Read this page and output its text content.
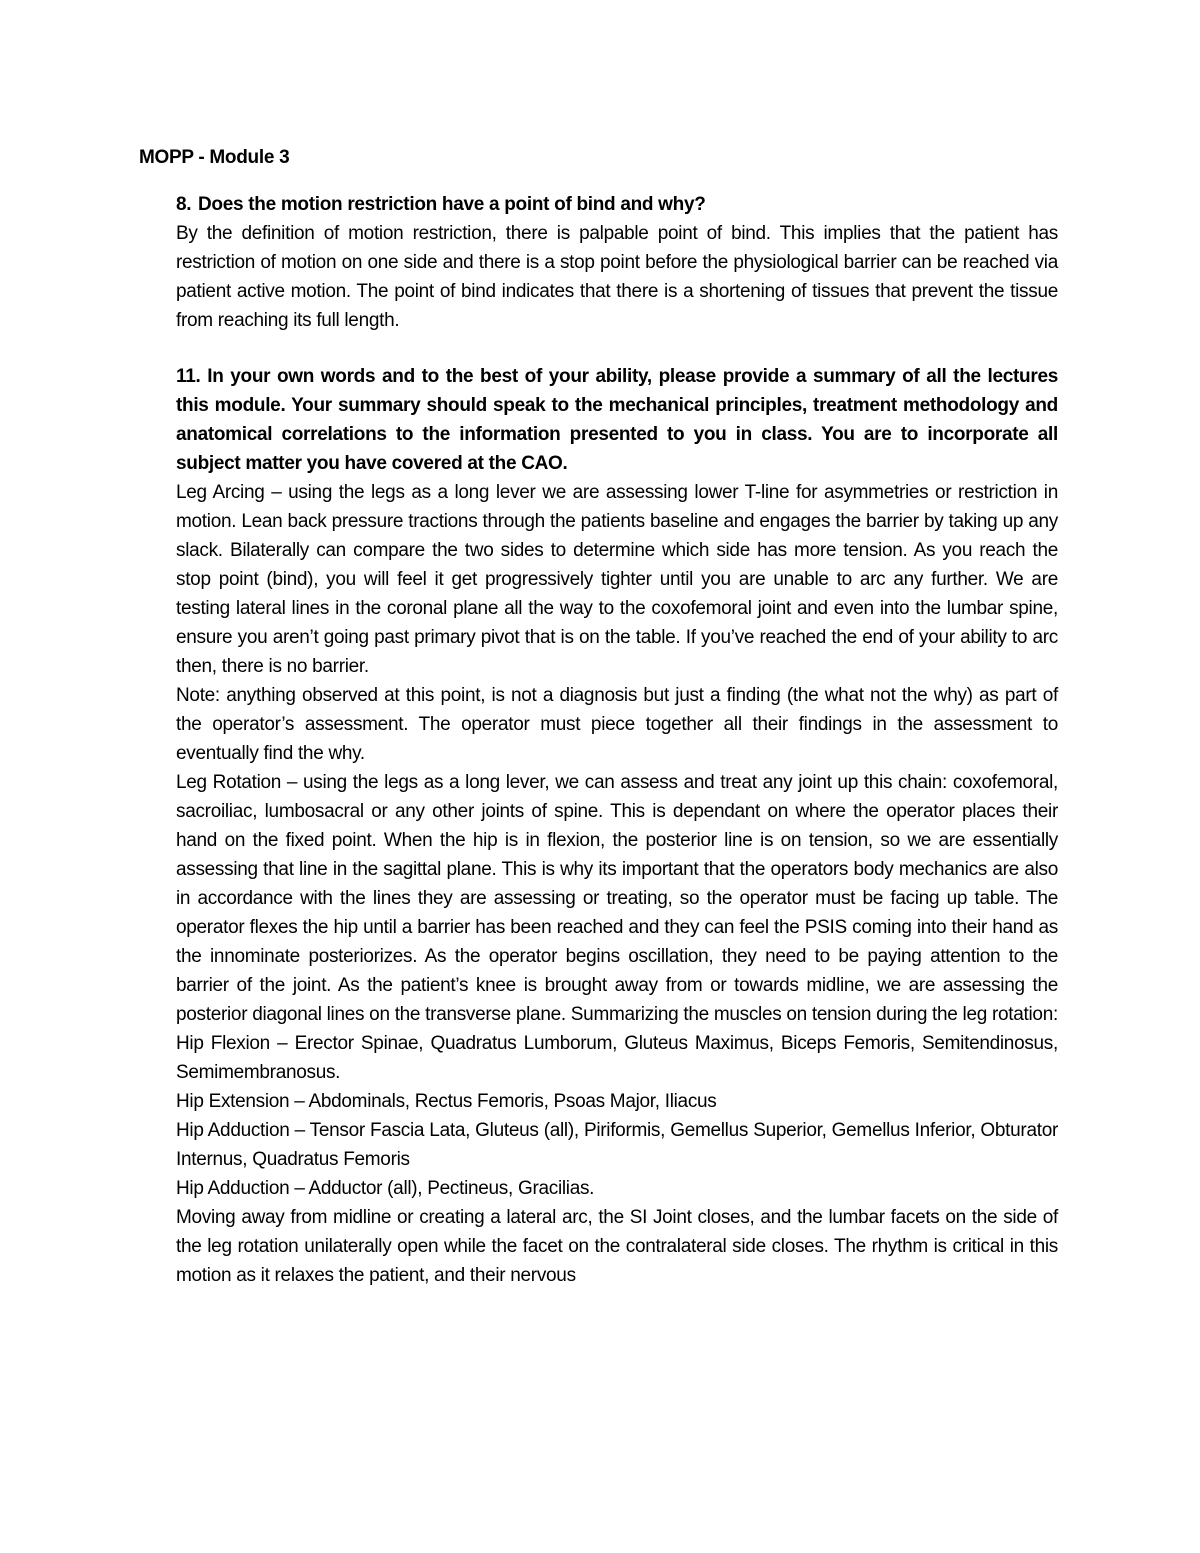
MOPP - Module 3

8. Does the motion restriction have a point of bind and why?

By the definition of motion restriction, there is palpable point of bind. This implies that the patient has restriction of motion on one side and there is a stop point before the physiological barrier can be reached via patient active motion. The point of bind indicates that there is a shortening of tissues that prevent the tissue from reaching its full length.

11. In your own words and to the best of your ability, please provide a summary of all the lectures this module. Your summary should speak to the mechanical principles, treatment methodology and anatomical correlations to the information presented to you in class. You are to incorporate all subject matter you have covered at the CAO.

Leg Arcing – using the legs as a long lever we are assessing lower T-line for asymmetries or restriction in motion. Lean back pressure tractions through the patients baseline and engages the barrier by taking up any slack. Bilaterally can compare the two sides to determine which side has more tension. As you reach the stop point (bind), you will feel it get progressively tighter until you are unable to arc any further. We are testing lateral lines in the coronal plane all the way to the coxofemoral joint and even into the lumbar spine, ensure you aren’t going past primary pivot that is on the table. If you’ve reached the end of your ability to arc then, there is no barrier.

Note: anything observed at this point, is not a diagnosis but just a finding (the what not the why) as part of the operator’s assessment. The operator must piece together all their findings in the assessment to eventually find the why.

Leg Rotation – using the legs as a long lever, we can assess and treat any joint up this chain: coxofemoral, sacroiliac, lumbosacral or any other joints of spine. This is dependant on where the operator places their hand on the fixed point. When the hip is in flexion, the posterior line is on tension, so we are essentially assessing that line in the sagittal plane. This is why its important that the operators body mechanics are also in accordance with the lines they are assessing or treating, so the operator must be facing up table. The operator flexes the hip until a barrier has been reached and they can feel the PSIS coming into their hand as the innominate posteriorizes. As the operator begins oscillation, they need to be paying attention to the barrier of the joint. As the patient’s knee is brought away from or towards midline, we are assessing the posterior diagonal lines on the transverse plane. Summarizing the muscles on tension during the leg rotation:

Hip Flexion – Erector Spinae, Quadratus Lumborum, Gluteus Maximus, Biceps Femoris, Semitendinosus, Semimembranosus.

Hip Extension – Abdominals, Rectus Femoris, Psoas Major, Iliacus

Hip Adduction – Tensor Fascia Lata, Gluteus (all), Piriformis, Gemellus Superior, Gemellus Inferior, Obturator Internus, Quadratus Femoris

Hip Adduction – Adductor (all), Pectineus, Gracilias.

Moving away from midline or creating a lateral arc, the SI Joint closes, and the lumbar facets on the side of the leg rotation unilaterally open while the facet on the contralateral side closes. The rhythm is critical in this motion as it relaxes the patient, and their nervous
